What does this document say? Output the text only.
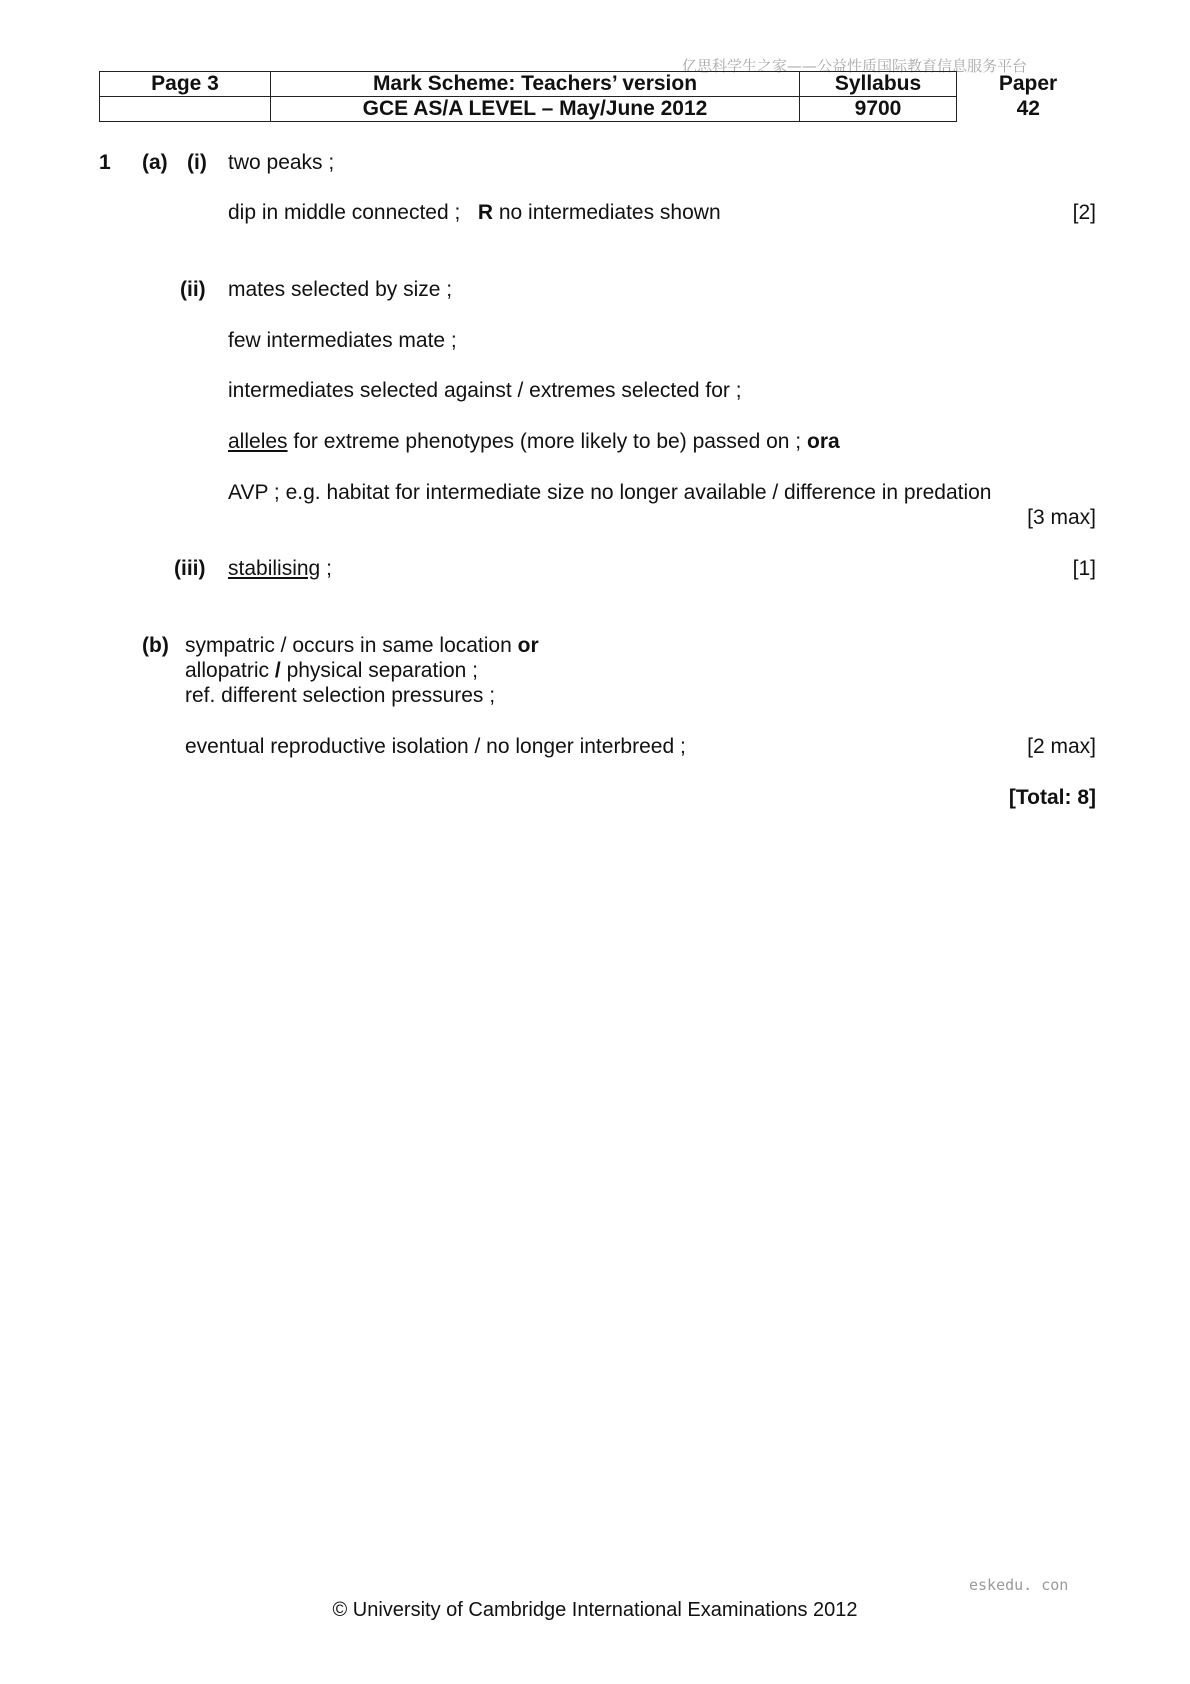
亿思科学生之家——公益性质国际教育信息服务平台
Page 3	Mark Scheme: Teachers’ version	Syllabus	Paper
	GCE AS/A LEVEL – May/June 2012	9700	42
1 (a) (i) two peaks ;
dip in middle connected ; R no intermediates shown	[2]
(ii) mates selected by size ;
few intermediates mate ;
intermediates selected against / extremes selected for ;
alleles for extreme phenotypes (more likely to be) passed on ; ora
AVP ; e.g. habitat for intermediate size no longer available / difference in predation
[3 max]
(iii) stabilising ;	[1]
(b) sympatric / occurs in same location or
allopatric / physical separation ;
ref. different selection pressures ;
eventual reproductive isolation / no longer interbreed ;	[2 max]
[Total: 8]
eskedu. con
© University of Cambridge International Examinations 2012
